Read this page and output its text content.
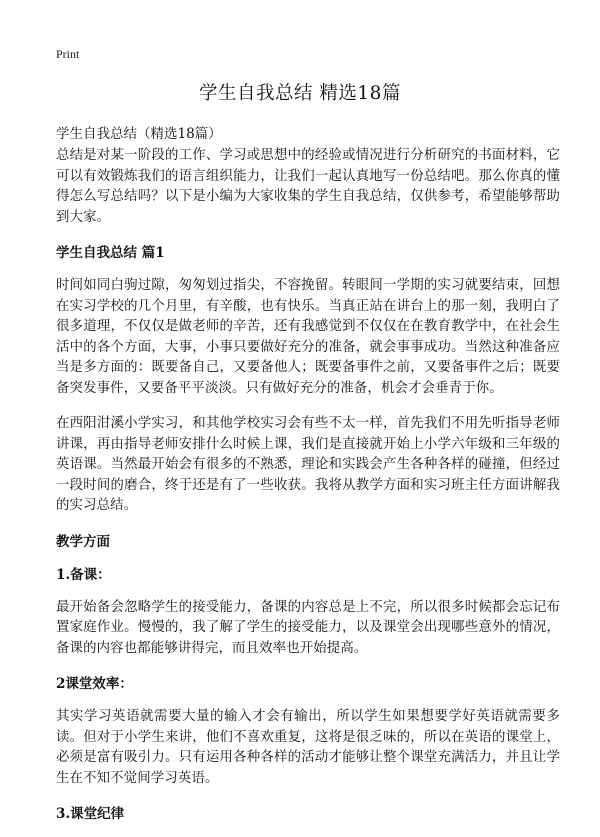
Print
学生自我总结 精选18篇
学生自我总结（精选18篇）

总结是对某一阶段的工作、学习或思想中的经验或情况进行分析研究的书面材料，它可以有效锻炼我们的语言组织能力，让我们一起认真地写一份总结吧。那么你真的懂得怎么写总结吗？以下是小编为大家收集的学生自我总结，仅供参考，希望能够帮助到大家。

学生自我总结 篇1

时间如同白驹过隙，匆匆划过指尖，不容挽留。转眼间一学期的实习就要结束，回想在实习学校的几个月里，有辛酸，也有快乐。当真正站在讲台上的那一刻，我明白了很多道理，不仅仅是做老师的辛苦，还有我感觉到不仅仅在在教育教学中，在社会生活中的各个方面，大事，小事只要做好充分的准备，就会事事成功。当然这种准备应当是多方面的：既要备自己，又要备他人；既要备事件之前，又要备事件之后；既要备突发事件，又要备平平淡淡。只有做好充分的准备，机会才会垂青于你。

在西阳泔溪小学实习，和其他学校实习会有些不太一样，首先我们不用先听指导老师讲课，再由指导老师安排什么时候上课，我们是直接就开始上小学六年级和三年级的英语课。当然最开始会有很多的不熟悉，理论和实践会产生各种各样的碰撞，但经过一段时间的磨合，终于还是有了一些收获。我将从教学方面和实习班主任方面讲解我的实习总结。

教学方面
1.备课：

最开始备会忽略学生的接受能力，备课的内容总是上不完，所以很多时候都会忘记布置家庭作业。慢慢的，我了解了学生的接受能力，以及课堂会出现哪些意外的情况，备课的内容也都能够讲得完，而且效率也开始提高。

2课堂效率：

其实学习英语就需要大量的输入才会有输出，所以学生如果想要学好英语就需要多读。但对于小学生来讲，他们不喜欢重复，这将是很乏味的，所以在英语的课堂上，必须是富有吸引力。只有运用各种各样的活动才能够让整个课堂充满活力，并且让学生在不知不觉间学习英语。

3.课堂纪律
